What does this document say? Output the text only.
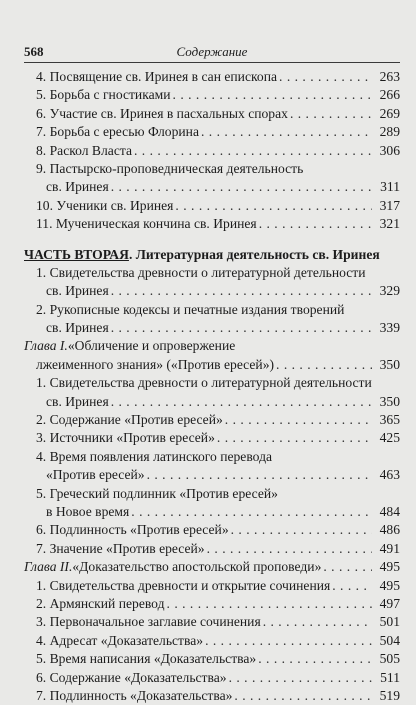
568	Содержание
4. Посвящение св. Иринея в сан епископа . . .	263
5. Борьба с гностиками . . .	266
6. Участие св. Иринея в пасхальных спорах . . .	269
7. Борьба с ересью Флорина . . .	289
8. Раскол Власта . . .	306
9. Пастырско-проповедническая деятельность
св. Иринея . . .	311
10. Ученики св. Иринея . . .	317
11. Мученическая кончина св. Иринея . . .	321
ЧАСТЬ ВТОРАЯ . Литературная деятельность св. Иринея
1. Свидетельства древности о литературной детельности
св. Иринея . . .	329
2. Рукописные кодексы и печатные издания творений
св. Иринея . . .	339
Глава I. «Обличение и опровержение
лжеименного знания» («Против ересей») . . .	350
1. Свидетельства древности о литературной деятельности
св. Иринея . . .	350
2. Содержание «Против ересей» . . .	365
3. Источники «Против ересей» . . .	425
4. Время появления латинского перевода
«Против ересей» . . .	463
5. Греческий подлинник «Против ересей»
в Новое время . . .	484
6. Подлинность «Против ересей» . . .	486
7. Значение «Против ересей» . . .	491
Глава II. «Доказательство апостольской проповеди» . . .	495
1. Свидетельства древности и открытие сочинения . . .	495
2. Армянский перевод . . .	497
3. Первоначальное заглавие сочинения . . .	501
4. Адресат «Доказательства» . . .	504
5. Время написания «Доказательства» . . .	505
6. Содержание «Доказательства» . . .	511
7. Подлинность «Доказательства» . . .	519
